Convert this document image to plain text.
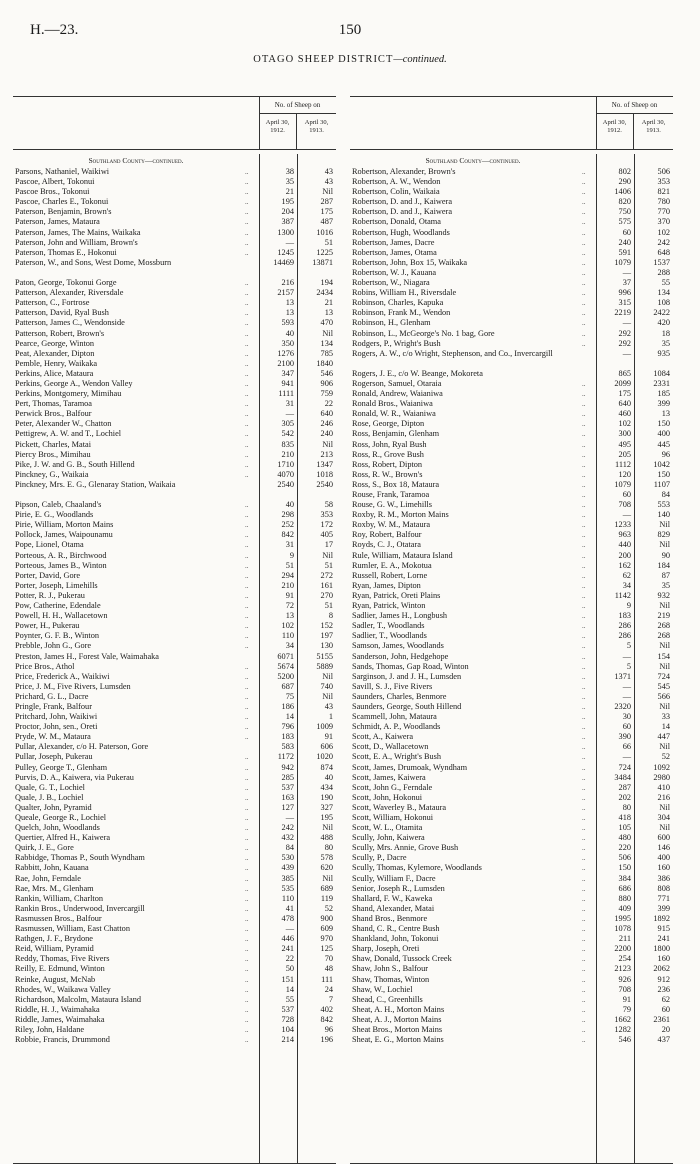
H.—23.	150
OTAGO SHEEP DISTRICT—continued.
No. of Sheep on
April 30, 1912.
April 30, 1913.
Southland County—continued.
Parsons, Nathaniel, Waikiwi	..	38	43
Pascoe, Albert, Tokonui	..	35	43
Pascoe Bros., Tokonui	..	21	Nil
Pascoe, Charles E., Tokonui	..	195	287
Paterson, Benjamin, Brown's	..	204	175
Paterson, James, Mataura	..	387	487
Paterson, James, The Mains, Waikaka	..	1300	1016
Paterson, John and William, Brown's	..	—	51
Paterson, Thomas E., Hokonui	..	1245	1225
Paterson, W., and Sons, West Dome, Mossburn	14469	13871
Paton, George, Tokonui Gorge	..	216	194
Patterson, Alexander, Riversdale	..	2157	2434
Patterson, C., Fortrose	..	13	21
Patterson, David, Ryal Bush	..	13	13
Patterson, James C., Wendonside	..	593	470
Patterson, Robert, Brown's	..	40	Nil
Pearce, George, Winton	..	350	134
Peat, Alexander, Dipton	..	1276	785
Pemble, Henry, Waikaka	..	2100	1840
Perkins, Alice, Mataura	..	347	546
Perkins, George A., Wendon Valley	..	941	906
Perkins, Montgomery, Mimihau	..	1111	759
Pert, Thomas, Taramoa	..	31	22
Perwick Bros., Balfour	..	—	640
Peter, Alexander W., Chatton	..	305	246
Pettigrew, A. W. and T., Lochiel	..	542	240
Pickett, Charles, Matai	..	835	Nil
Piercy Bros., Mimihau	..	210	213
Pike, J. W. and G. B., South Hillend	..	1710	1347
Pinckney, G., Waikaia	..	4070	1018
Pinckney, Mrs. E. G., Glenaray Station, Waikaia	2540	2540
Pipson, Caleb, Chaaland's	..	40	58
Pirie, E. G., Woodlands	..	298	353
Pirie, William, Morton Mains	..	252	172
Pollock, James, Waipounamu	..	842	405
Pope, Lionel, Otama	..	31	17
Porteous, A. R., Birchwood	..	9	Nil
Porteous, James B., Winton	..	51	51
Porter, David, Gore	..	294	272
Porter, Joseph, Limehills	..	210	161
Potter, R. J., Pukerau	..	91	270
Pow, Catherine, Edendale	..	72	51
Powell, H. H., Wallacetown	..	13	8
Power, H., Pukerau	..	102	152
Poynter, G. F. B., Winton	..	110	197
Prebble, John G., Gore	..	34	130
Preston, James H., Forest Vale, Waimahaka	6071	5155
Price Bros., Athol	..	5674	5889
Price, Frederick A., Waikiwi	..	5200	Nil
Price, J. M., Five Rivers, Lumsden	..	687	740
Prichard, G. L., Dacre	..	75	Nil
Pringle, Frank, Balfour	..	186	43
Pritchard, John, Waikiwi	..	14	1
Proctor, John, sen., Oreti	..	796	1009
Pryde, W. M., Mataura	..	183	91
Pullar, Alexander, c/o H. Paterson, Gore	583	606
Pullar, Joseph, Pukerau	..	1172	1020
Pulley, George T., Glenham	..	942	874
Purvis, D. A., Kaiwera, via Pukerau	..	285	40
Quale, G. T., Lochiel	..	537	434
Quale, J. B., Lochiel	..	163	190
Qualter, John, Pyramid	..	127	327
Queale, George R., Lochiel	..	—	195
Quelch, John, Woodlands	..	242	Nil
Quertier, Alfred H., Kaiwera	..	432	488
Quirk, J. E., Gore	..	84	80
Rabbidge, Thomas P., South Wyndham	..	530	578
Rabbitt, John, Kauana	..	439	620
Rae, John, Ferndale	..	385	Nil
Rae, Mrs. M., Glenham	..	535	689
Rankin, William, Charlton	..	110	119
Rankin Bros., Underwood, Invercargill	..	41	52
Rasmussen Bros., Balfour	..	478	900
Rasmussen, William, East Chatton	..	—	609
Rathgen, J. F., Brydone	..	446	970
Reid, William, Pyramid	..	241	125
Reddy, Thomas, Five Rivers	..	22	70
Reilly, E. Edmund, Winton	..	50	48
Reinke, August, McNab	..	151	111
Rhodes, W., Waikawa Valley	..	14	24
Richardson, Malcolm, Mataura Island	..	55	7
Riddle, H. J., Waimahaka	..	537	402
Riddle, James, Waimahaka	..	728	842
Riley, John, Haldane	..	104	96
Robbie, Francis, Drummond	..	214	196
No. of Sheep on
April 30, 1912.
April 30, 1913.
Southland County—continued.
Robertson, Alexander, Brown's	..	802	506
Robertson, A. W., Wendon	..	290	353
Robertson, Colin, Waikaia	..	1406	821
Robertson, D. and J., Kaiwera	..	820	780
Robertson, D. and J., Kaiwera	..	750	770
Robertson, Donald, Otama	..	575	370
Robertson, Hugh, Woodlands	..	60	102
Robertson, James, Dacre	..	240	242
Robertson, James, Otama	..	591	648
Robertson, John, Box 15, Waikaka	..	1079	1537
Robertson, W. J., Kauana	..	—	288
Robertson, W., Niagara	..	37	55
Robins, William H., Riversdale	..	996	134
Robinson, Charles, Kapuka	..	315	108
Robinson, Frank M., Wendon	..	2219	2422
Robinson, H., Glenham	..	—	420
Robinson, L., McGeorge's No. 1 bag, Gore	..	292	18
Rodgers, P., Wright's Bush	..	292	35
Rogers, A. W., c/o Wright, Stephenson, and Co., Invercargill	—	935
Rogers, J. E., c/o W. Beange, Mokoreta	865	1084
Rogerson, Samuel, Otaraia	..	2099	2331
Ronald, Andrew, Waianiwa	..	175	185
Ronald Bros., Waianiwa	..	640	399
Ronald, W. R., Waianiwa	..	460	13
Rose, George, Dipton	..	102	150
Ross, Benjamin, Glenham	..	300	400
Ross, John, Ryal Bush	..	495	445
Ross, R., Grove Bush	..	205	96
Ross, Robert, Dipton	..	1112	1042
Ross, R. W., Brown's	..	120	150
Ross, S., Box 18, Mataura	..	1079	1107
Rouse, Frank, Taramoa	..	60	84
Rouse, G. W., Limehills	..	708	553
Roxby, R. M., Morton Mains	..	—	140
Roxby, W. M., Mataura	..	1233	Nil
Roy, Robert, Balfour	..	963	829
Royds, C. J., Otatara	..	440	Nil
Rule, William, Mataura Island	..	200	90
Rumler, E. A., Mokotua	..	162	184
Russell, Robert, Lorne	..	62	87
Ryan, James, Dipton	..	34	35
Ryan, Patrick, Oreti Plains	..	1142	932
Ryan, Patrick, Winton	..	9	Nil
Sadlier, James H., Longbush	..	183	219
Sadler, T., Woodlands	..	286	268
Sadlier, T., Woodlands	..	286	268
Samson, James, Woodlands	..	5	Nil
Sanderson, John, Hedgehope	..	—	154
Sands, Thomas, Gap Road, Winton	..	5	Nil
Sarginson, J. and J. H., Lumsden	..	1371	724
Savill, S. J., Five Rivers	..	—	545
Saunders, Charles, Benmore	..	—	566
Saunders, George, South Hillend	..	2320	Nil
Scammell, John, Mataura	..	30	33
Schmidt, A. P., Woodlands	..	60	14
Scott, A., Kaiwera	..	390	447
Scott, D., Wallacetown	..	66	Nil
Scott, E. A., Wright's Bush	..	—	52
Scott, James, Drumoak, Wyndham	..	724	1092
Scott, James, Kaiwera	..	3484	2980
Scott, John G., Ferndale	..	287	410
Scott, John, Hokonui	..	202	216
Scott, Waverley B., Mataura	..	80	Nil
Scott, William, Hokonui	..	418	304
Scott, W. L., Otamita	..	105	Nil
Scully, John, Kaiwera	..	480	600
Scully, Mrs. Annie, Grove Bush	..	220	146
Scully, P., Dacre	..	506	400
Scully, Thomas, Kylemore, Woodlands	..	150	160
Scully, William F., Dacre	..	384	386
Senior, Joseph R., Lumsden	..	686	808
Shallard, F. W., Kaweka	..	880	771
Shand, Alexander, Matai	..	409	399
Shand Bros., Benmore	..	1995	1892
Shand, C. R., Centre Bush	..	1078	915
Shankland, John, Tokonui	..	211	241
Sharp, Joseph, Oreti	..	2200	1800
Shaw, Donald, Tussock Creek	..	254	160
Shaw, John S., Balfour	..	2123	2062
Shaw, Thomas, Winton	..	926	912
Shaw, W., Lochiel	..	708	236
Shead, C., Greenhills	..	91	62
Sheat, A. H., Morton Mains	..	79	60
Sheat, A. J., Morton Mains	..	1662	2361
Sheat Bros., Morton Mains	..	1282	20
Sheat, E. G., Morton Mains	..	546	437
